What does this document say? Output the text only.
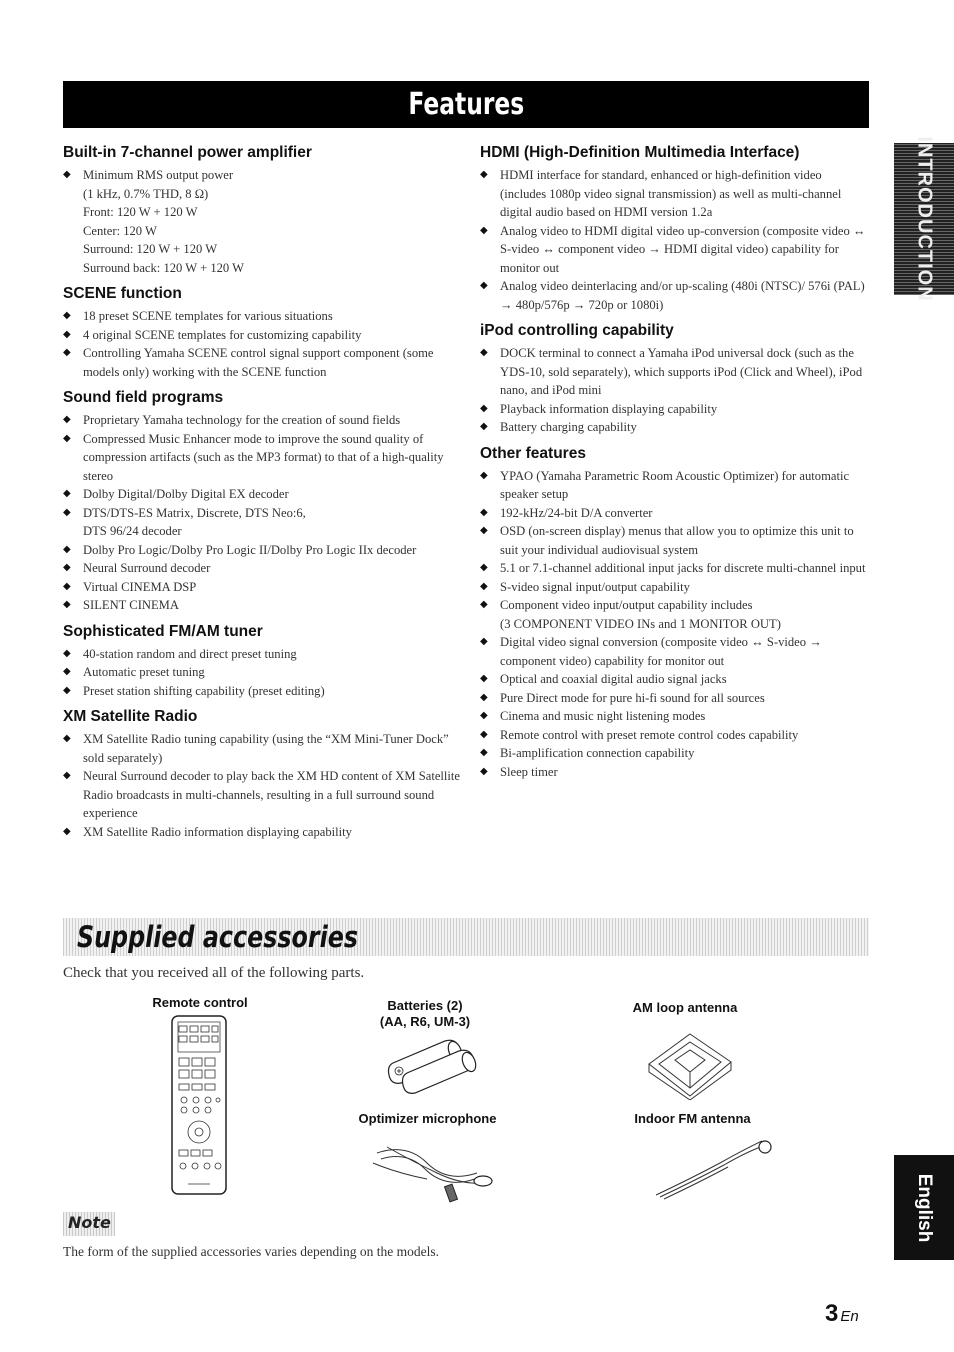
Features
Built-in 7-channel power amplifier
◆ Minimum RMS output power
(1 kHz, 0.7% THD, 8 Ω)
Front: 120 W + 120 W
Center: 120 W
Surround: 120 W + 120 W
Surround back: 120 W + 120 W
SCENE function
◆ 18 preset SCENE templates for various situations
◆ 4 original SCENE templates for customizing capability
◆ Controlling Yamaha SCENE control signal support component (some models only) working with the SCENE function
Sound field programs
◆ Proprietary Yamaha technology for the creation of sound fields
◆ Compressed Music Enhancer mode to improve the sound quality of compression artifacts (such as the MP3 format) to that of a high-quality stereo
◆ Dolby Digital/Dolby Digital EX decoder
◆ DTS/DTS-ES Matrix, Discrete, DTS Neo:6,
DTS 96/24 decoder
◆ Dolby Pro Logic/Dolby Pro Logic II/Dolby Pro Logic IIx decoder
◆ Neural Surround decoder
◆ Virtual CINEMA DSP
◆ SILENT CINEMA
Sophisticated FM/AM tuner
◆ 40-station random and direct preset tuning
◆ Automatic preset tuning
◆ Preset station shifting capability (preset editing)
XM Satellite Radio
◆ XM Satellite Radio tuning capability (using the “XM Mini-Tuner Dock” sold separately)
◆ Neural Surround decoder to play back the XM HD content of XM Satellite Radio broadcasts in multi-channels, resulting in a full surround sound experience
◆ XM Satellite Radio information displaying capability
HDMI (High-Definition Multimedia Interface)
◆ HDMI interface for standard, enhanced or high-definition video (includes 1080p video signal transmission) as well as multi-channel digital audio based on HDMI version 1.2a
◆ Analog video to HDMI digital video up-conversion (composite video ↔ S-video ↔ component video → HDMI digital video) capability for monitor out
◆ Analog video deinterlacing and/or up-scaling (480i (NTSC)/ 576i (PAL) → 480p/576p → 720p or 1080i)
iPod controlling capability
◆ DOCK terminal to connect a Yamaha iPod universal dock (such as the YDS-10, sold separately), which supports iPod (Click and Wheel), iPod nano, and iPod mini
◆ Playback information displaying capability
◆ Battery charging capability
Other features
◆ YPAO (Yamaha Parametric Room Acoustic Optimizer) for automatic speaker setup
◆ 192-kHz/24-bit D/A converter
◆ OSD (on-screen display) menus that allow you to optimize this unit to suit your individual audiovisual system
◆ 5.1 or 7.1-channel additional input jacks for discrete multi-channel input
◆ S-video signal input/output capability
◆ Component video input/output capability includes
(3 COMPONENT VIDEO INs and 1 MONITOR OUT)
◆ Digital video signal conversion (composite video ↔ S-video → component video) capability for monitor out
◆ Optical and coaxial digital audio signal jacks
◆ Pure Direct mode for pure hi-fi sound for all sources
◆ Cinema and music night listening modes
◆ Remote control with preset remote control codes capability
◆ Bi-amplification connection capability
◆ Sleep timer
INTRODUCTION
English
Supplied accessories
Check that you received all of the following parts.
Remote control	Batteries (2)
(AA, R6, UM-3)
AM loop antenna
Optimizer microphone	Indoor FM antenna
Note
The form of the supplied accessories varies depending on the models.
3 En
